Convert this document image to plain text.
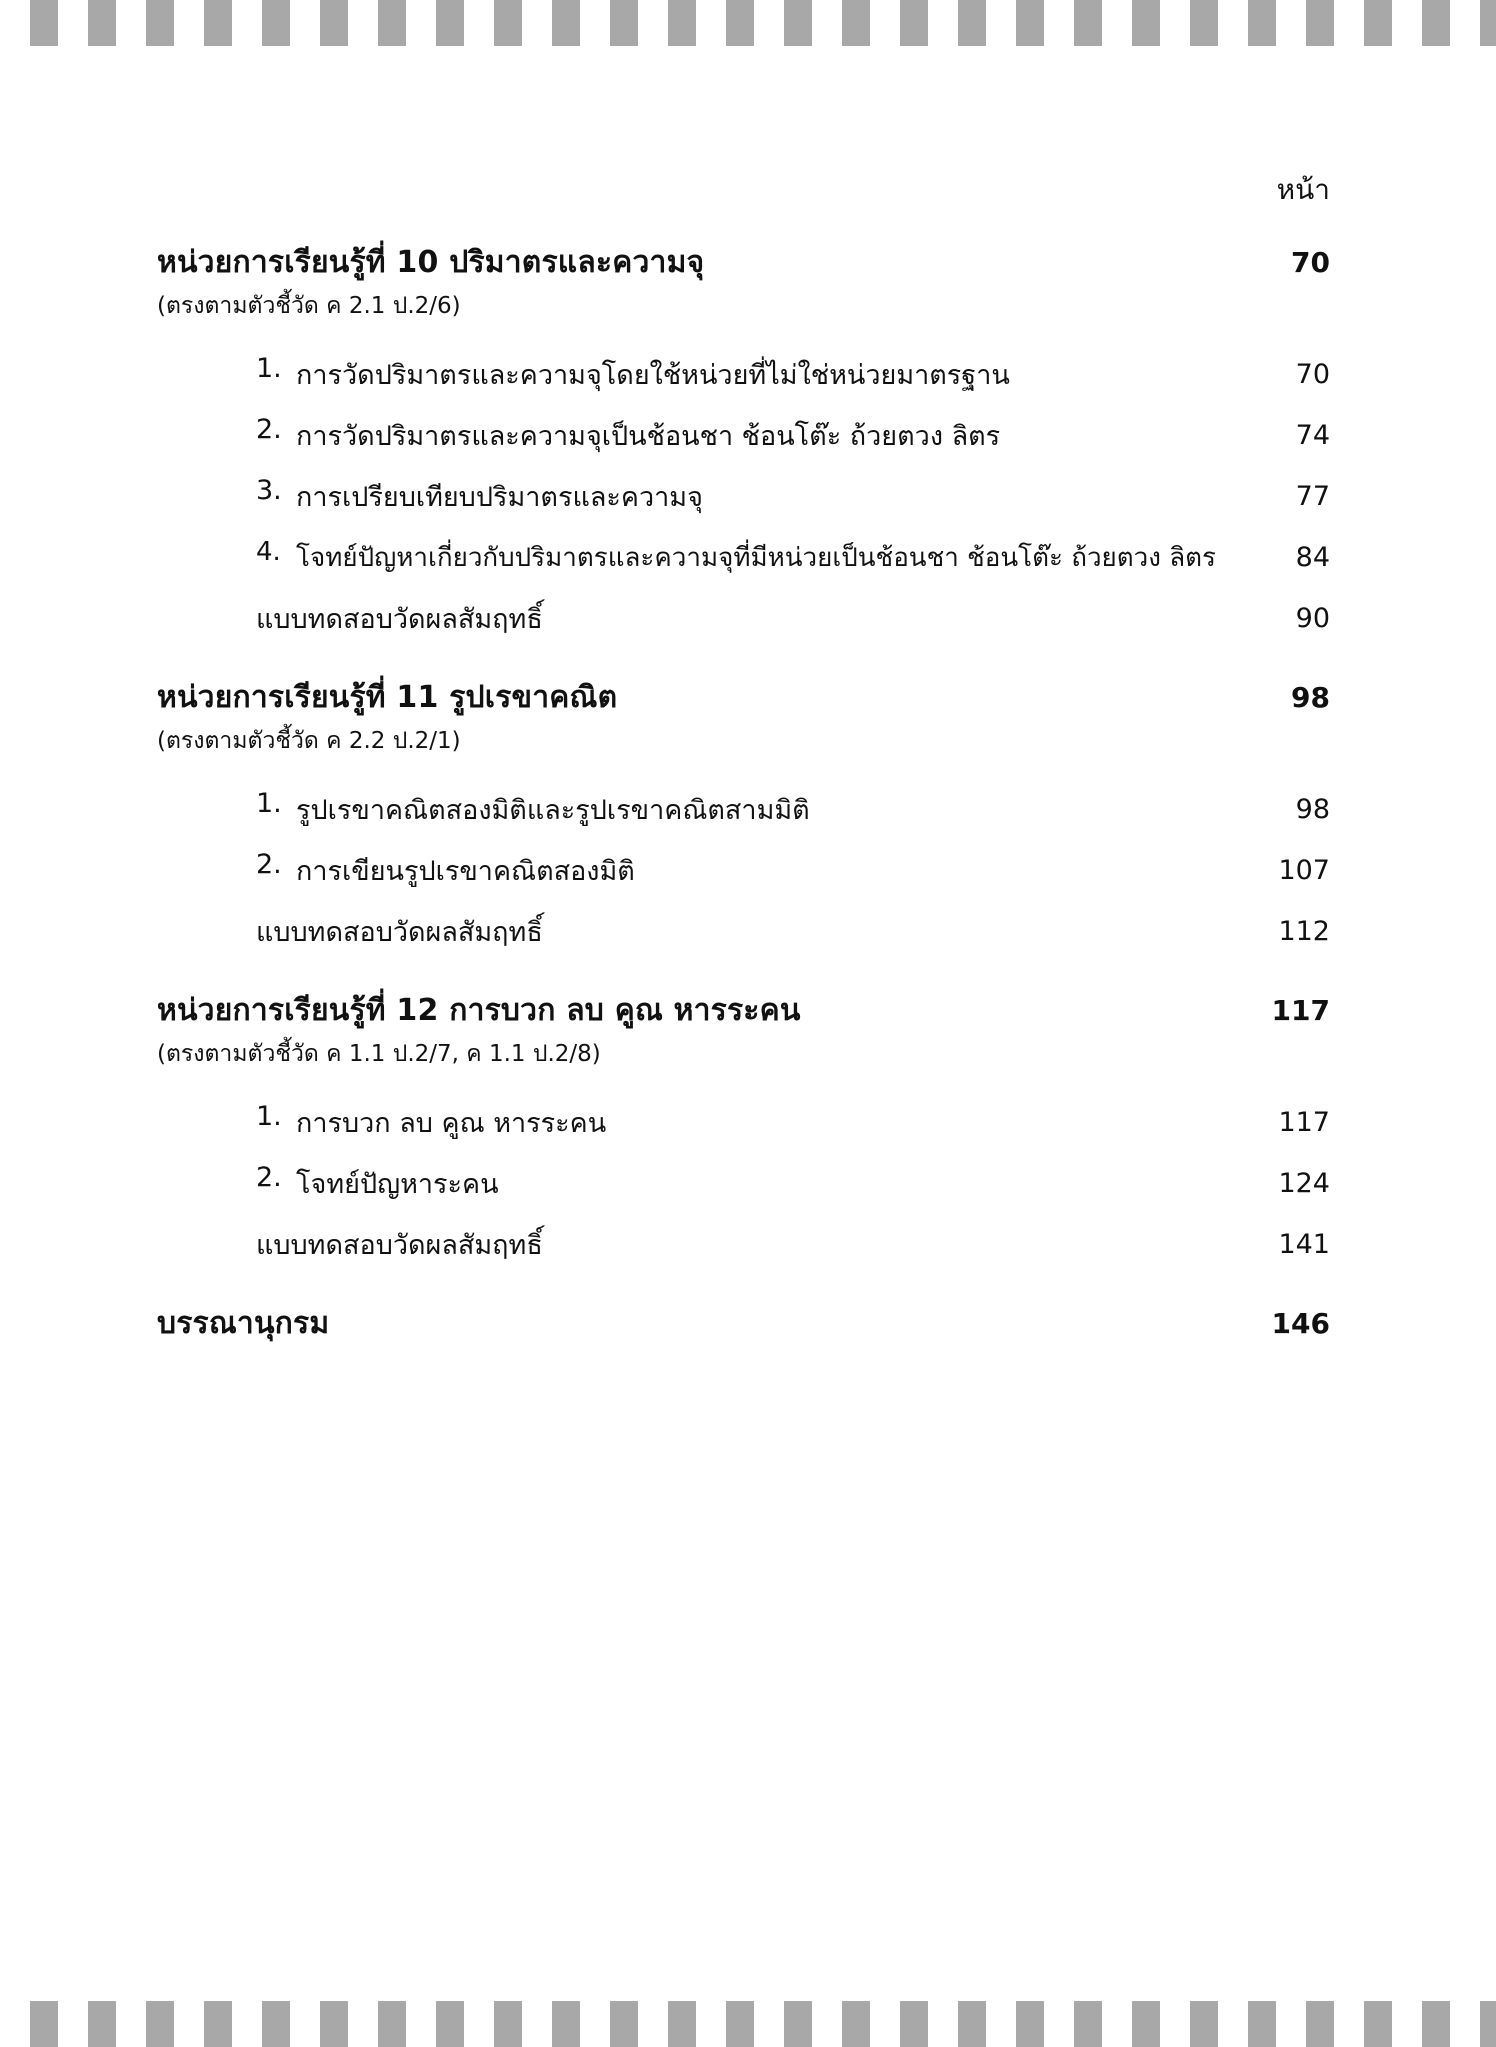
หน้า
หน่วยการเรียนรู้ที่ 10 ปริมาตรและความจุ	70
(ตรงตามตัวชี้วัด ค 2.1 ป.2/6)
1. การวัดปริมาตรและความจุโดยใช้หน่วยที่ไม่ใช่หน่วยมาตรฐาน	70
2. การวัดปริมาตรและความจุเป็นช้อนชา ช้อนโต๊ะ ถ้วยตวง ลิตร	74
3. การเปรียบเทียบปริมาตรและความจุ	77
4. โจทย์ปัญหาเกี่ยวกับปริมาตรและความจุที่มีหน่วยเป็นช้อนชา ช้อนโต๊ะ ถ้วยตวง ลิตร	84
แบบทดสอบวัดผลสัมฤทธิ์	90
หน่วยการเรียนรู้ที่ 11 รูปเรขาคณิต	98
(ตรงตามตัวชี้วัด ค 2.2 ป.2/1)
1. รูปเรขาคณิตสองมิติและรูปเรขาคณิตสามมิติ	98
2. การเขียนรูปเรขาคณิตสองมิติ	107
แบบทดสอบวัดผลสัมฤทธิ์	112
หน่วยการเรียนรู้ที่ 12 การบวก ลบ คูณ หารระคน	117
(ตรงตามตัวชี้วัด ค 1.1 ป.2/7, ค 1.1 ป.2/8)
1. การบวก ลบ คูณ หารระคน	117
2. โจทย์ปัญหาระคน	124
แบบทดสอบวัดผลสัมฤทธิ์	141
บรรณานุกรม	146
